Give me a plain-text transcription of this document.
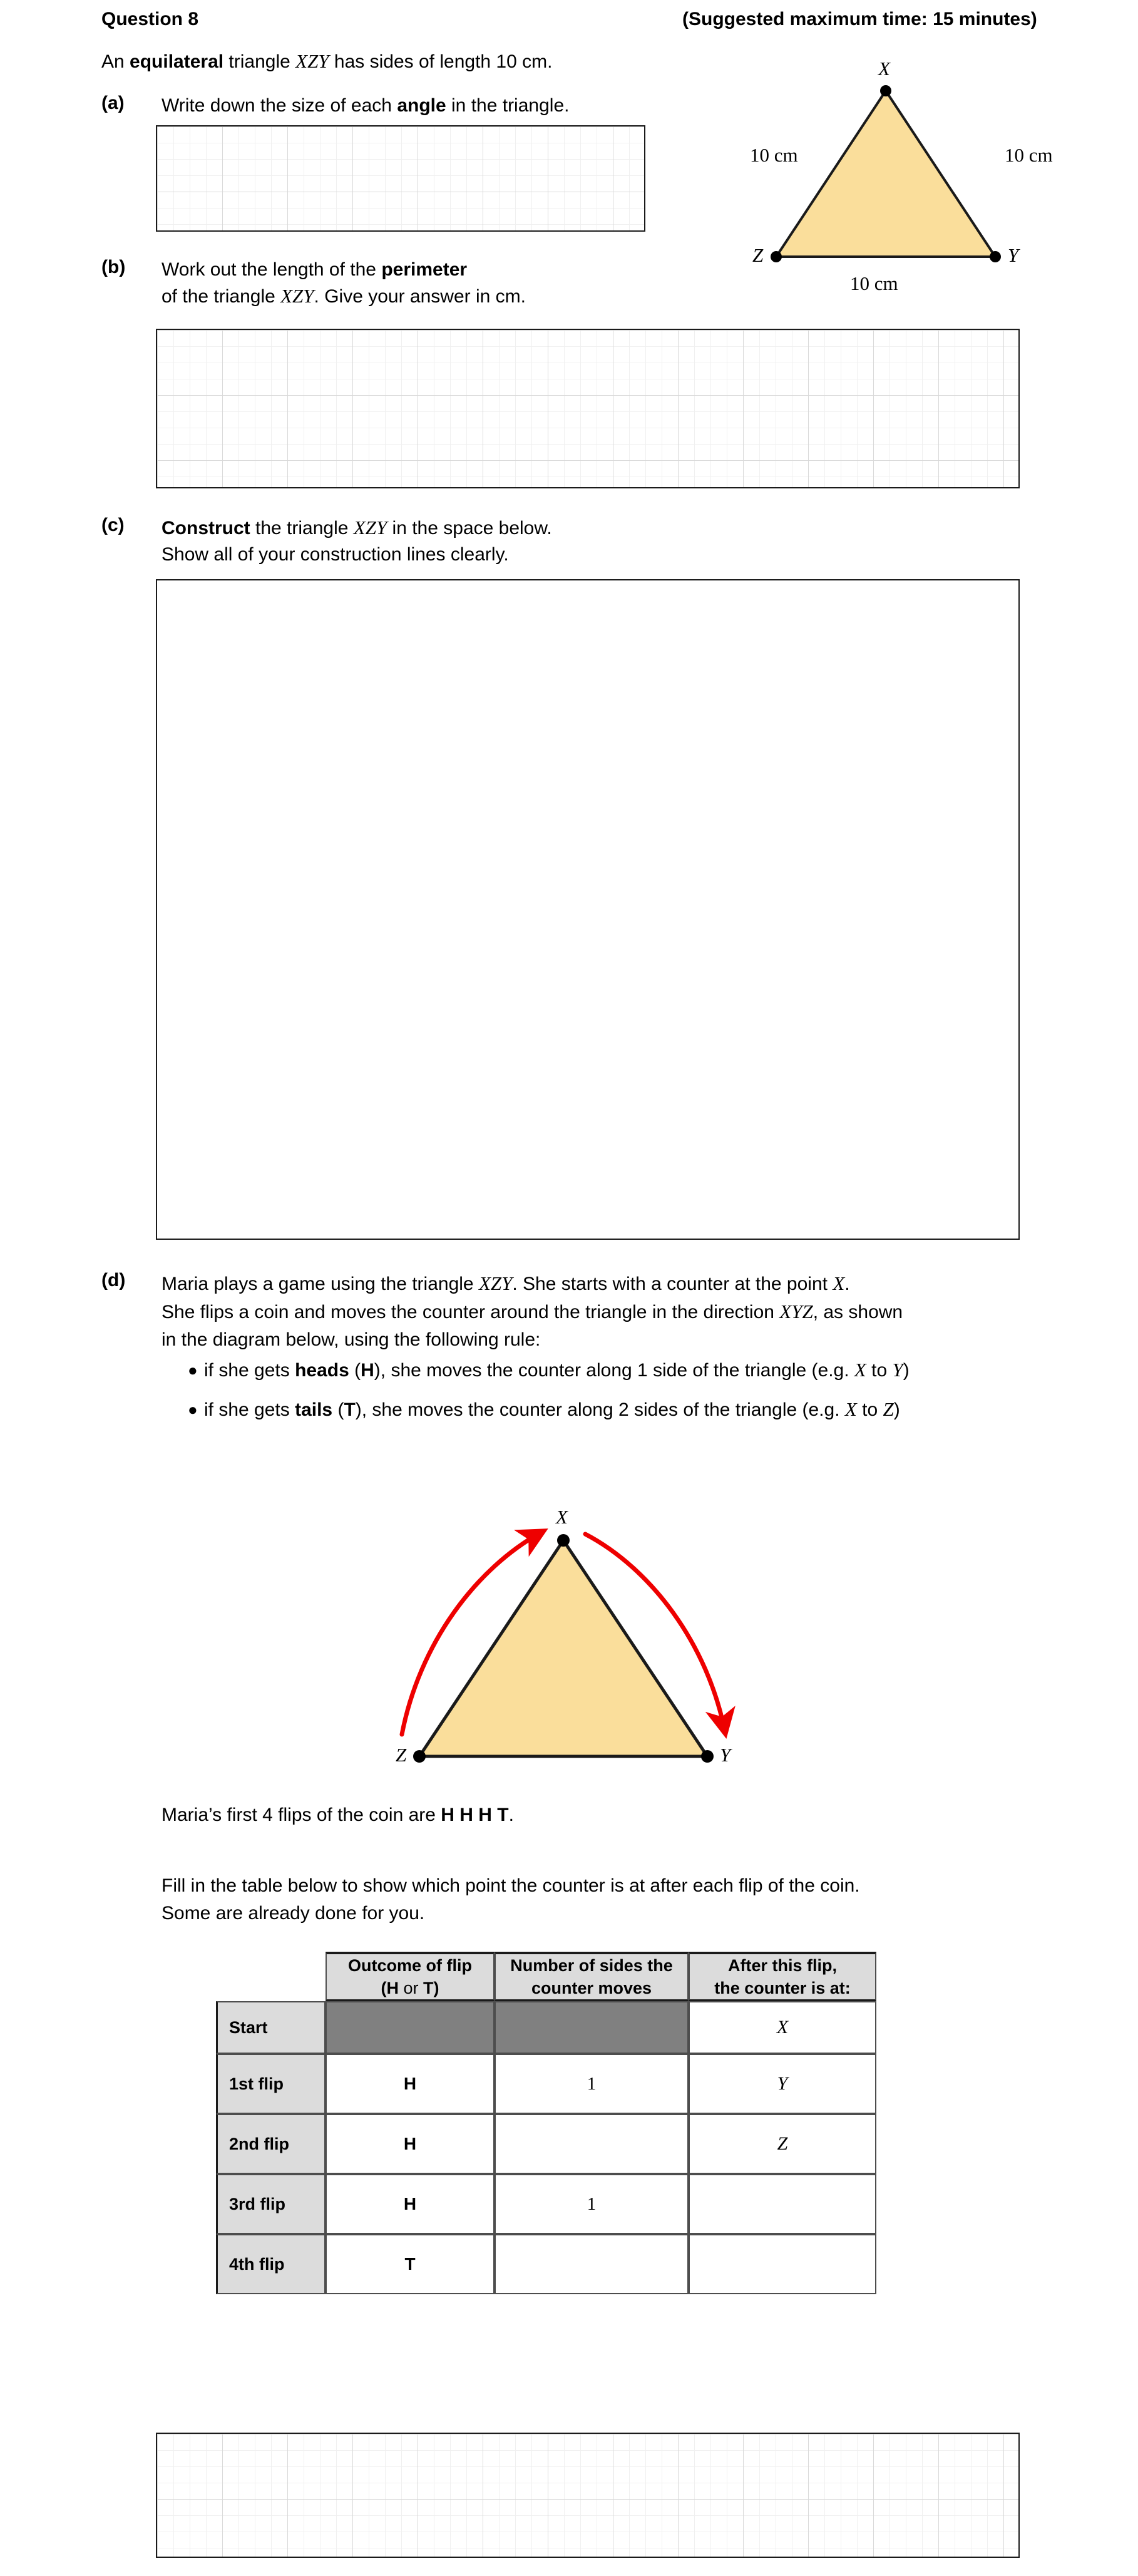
Question 8	(Suggested maximum time: 15 minutes)
An equilateral triangle XZY has sides of length 10 cm.
(a) Write down the size of each angle in the triangle.
(b) Work out the length of the perimeter
of the triangle XZY. Give your answer in cm.
(c) Construct the triangle XZY in the space below.
Show all of your construction lines clearly.
X
Z	Y
10 cm	10 cm
10 cm
(d) Maria plays a game using the triangle XZY. She starts with a counter at the point X.
She flips a coin and moves the counter around the triangle in the direction XYZ, as shown
in the diagram below, using the following rule:
● if she gets heads (H), she moves the counter along 1 side of the triangle (e.g. X to Y)
● if she gets tails (T), she moves the counter along 2 sides of the triangle (e.g. X to Z)
X
Z	Y
Maria’s first 4 flips of the coin are H H H T.
Fill in the table below to show which point the counter is at after each flip of the coin.
Some are already done for you.

Outcome of flip
(H or T)

Number of sides the
counter moves

After this flip,
the counter is at:

Start			X
1st flip	H	1	Y
2nd flip	H		Z
3rd flip	H	1	
4th flip	T		
